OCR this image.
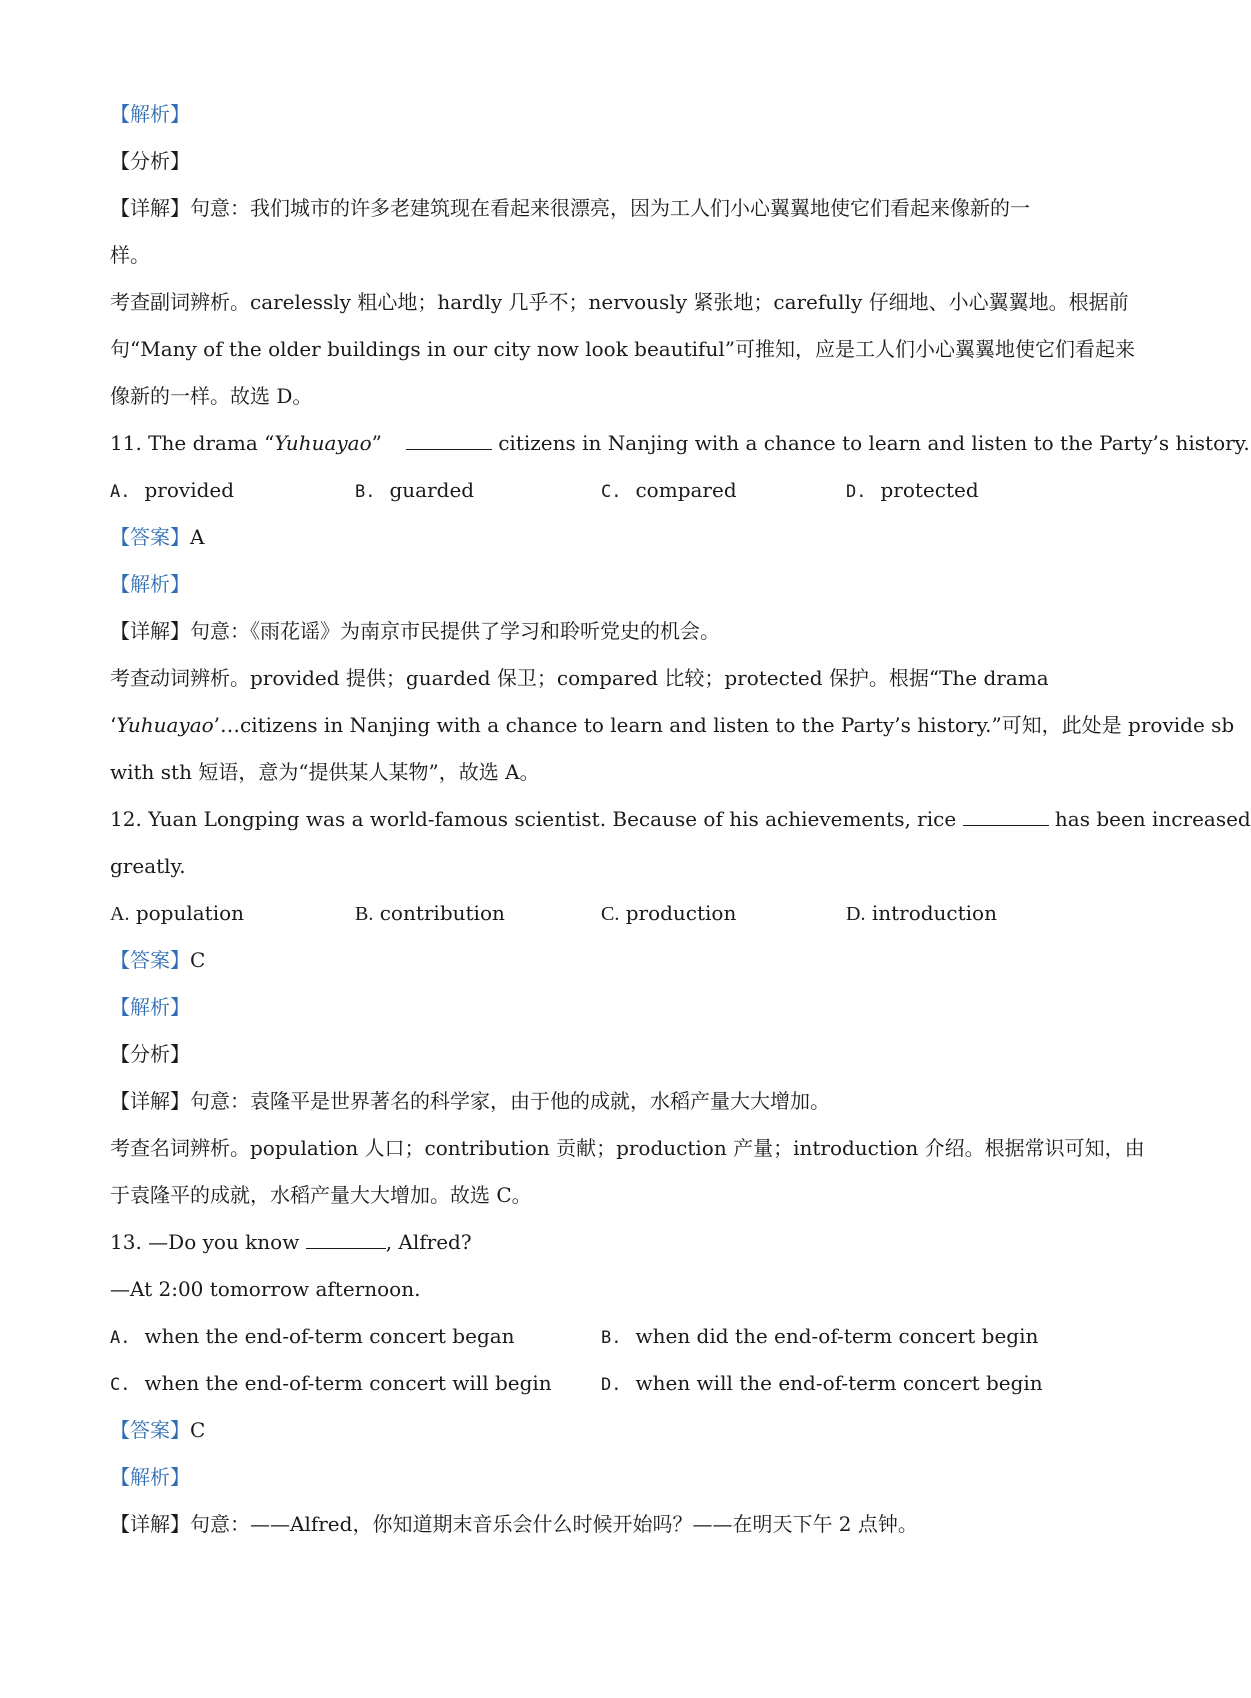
【解析】
【分析】
【详解】句意：我们城市的许多老建筑现在看起来很漂亮，因为工人们小心翼翼地使它们看起来像新的一
样。
考查副词辨析。carelessly 粗心地；hardly 几乎不；nervously 紧张地；carefully 仔细地、小心翼翼地。根据前
句“Many of the older buildings in our city now look beautiful”可推知，应是工人们小心翼翼地使它们看起来
像新的一样。故选 D。
11. The drama “Yuhuayao”	citizens in Nanjing with a chance to learn and listen to the Party’s history.
A. provided	B. guarded	C. compared	D. protected
【答案】A
【解析】
【详解】句意：《雨花谣》为南京市民提供了学习和聆听党史的机会。
考查动词辨析。provided 提供；guarded 保卫；compared 比较；protected 保护。根据“The drama
‘Yuhuayao’…citizens in Nanjing with a chance to learn and listen to the Party’s history.”可知，此处是 provide sb
with sth 短语，意为“提供某人某物”，故选 A。
12. Yuan Longping was a world-famous scientist. Because of his achievements, rice	has been increased
greatly.
A. population	B. contribution	C. production	D. introduction
【答案】C
【解析】
【分析】
【详解】句意：袁隆平是世界著名的科学家，由于他的成就，水稻产量大大增加。
考查名词辨析。population 人口；contribution 贡献；production 产量；introduction 介绍。根据常识可知，由
于袁隆平的成就，水稻产量大大增加。故选 C。
13. —Do you know	, Alfred?
—At 2:00 tomorrow afternoon.
A. when the end-of-term concert began	B. when did the end-of-term concert begin
C. when the end-of-term concert will begin	D. when will the end-of-term concert begin
【答案】C
【解析】
【详解】句意：——Alfred，你知道期末音乐会什么时候开始吗？——在明天下午 2 点钟。
